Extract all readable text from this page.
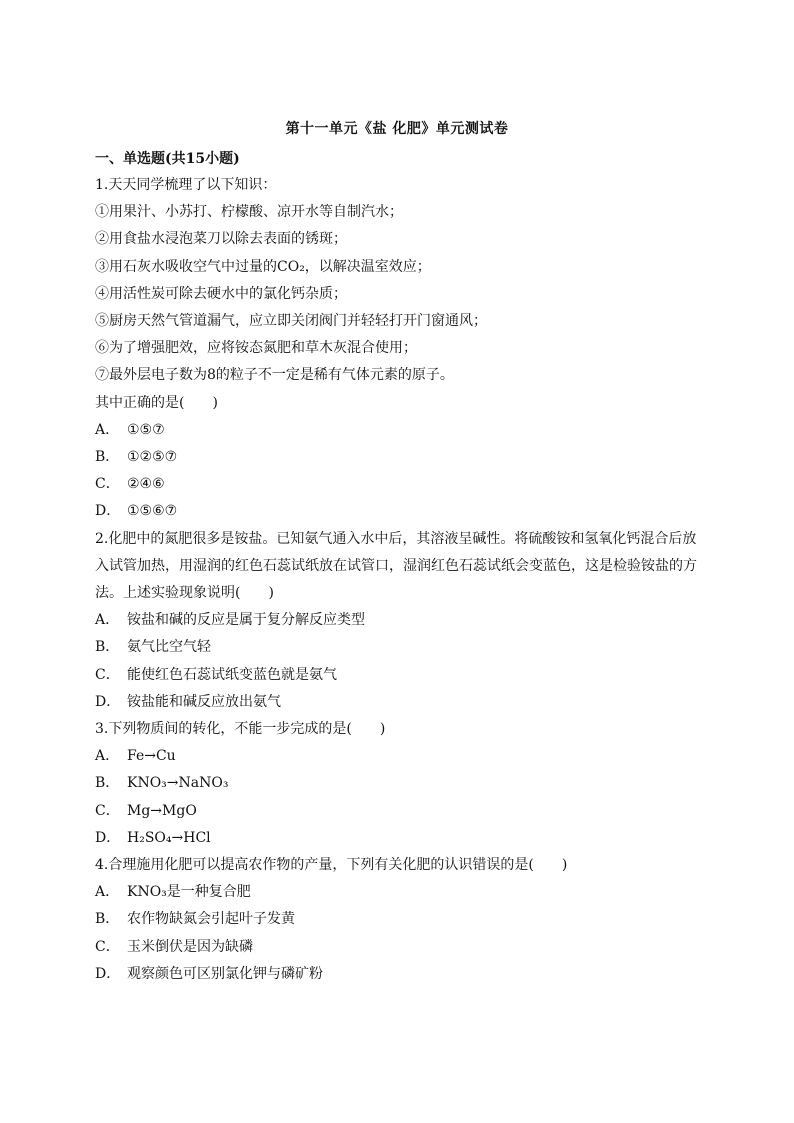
第十一单元《盐 化肥》单元测试卷
一、单选题(共15小题)
1.天天同学梳理了以下知识：
①用果汁、小苏打、柠檬酸、凉开水等自制汽水；
②用食盐水浸泡菜刀以除去表面的锈斑；
③用石灰水吸收空气中过量的CO₂，以解决温室效应；
④用活性炭可除去硬水中的氯化钙杂质；
⑤厨房天然气管道漏气，应立即关闭阀门并轻轻打开门窗通风；
⑥为了增强肥效，应将铵态氮肥和草木灰混合使用；
⑦最外层电子数为8的粒子不一定是稀有气体元素的原子。
其中正确的是(　　)
A． ①⑤⑦
B． ①②⑤⑦
C． ②④⑥
D． ①⑤⑥⑦
2.化肥中的氮肥很多是铵盐。已知氨气通入水中后，其溶液呈碱性。将硫酸铵和氢氧化钙混合后放入试管加热，用湿润的红色石蕊试纸放在试管口，湿润红色石蕊试纸会变蓝色，这是检验铵盐的方法。上述实验现象说明(　　)
A． 铵盐和碱的反应是属于复分解反应类型
B． 氨气比空气轻
C． 能使红色石蕊试纸变蓝色就是氨气
D． 铵盐能和碱反应放出氨气
3.下列物质间的转化，不能一步完成的是(　　)
A． Fe→Cu
B． KNO₃→NaNO₃
C． Mg→MgO
D． H₂SO₄→HCl
4.合理施用化肥可以提高农作物的产量，下列有关化肥的认识错误的是(　　)
A． KNO₃是一种复合肥
B． 农作物缺氮会引起叶子发黄
C． 玉米倒伏是因为缺磷
D． 观察颜色可区别氯化钾与磷矿粉
